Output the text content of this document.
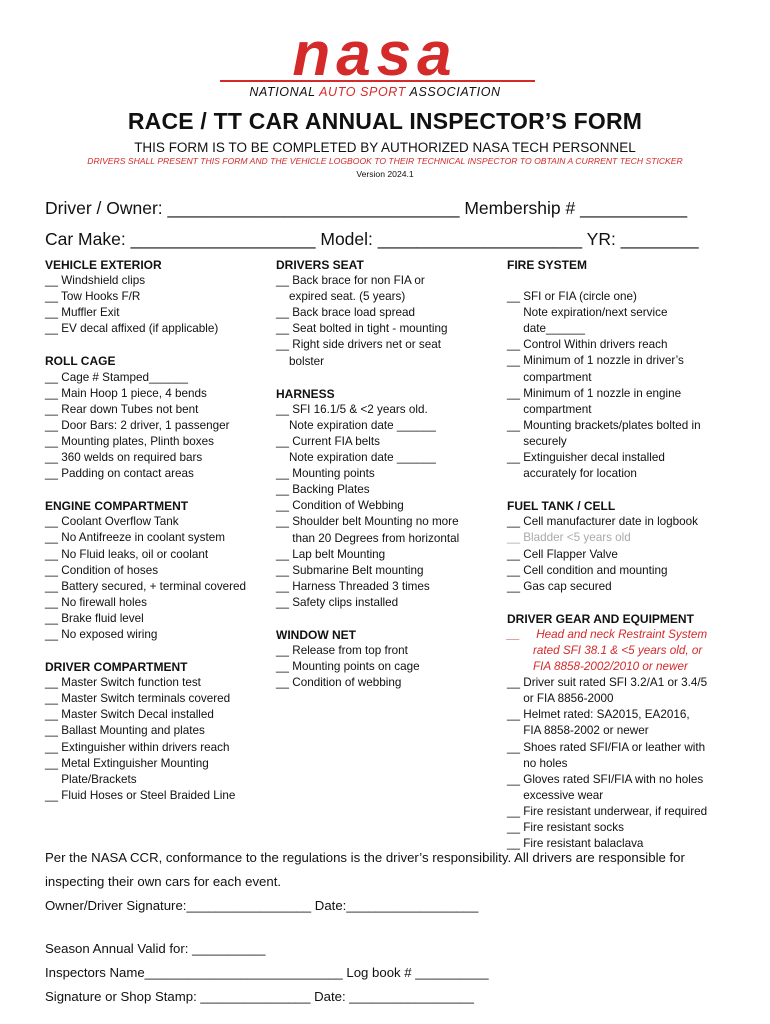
nasa
NATIONAL AUTO SPORT ASSOCIATION
RACE / TT CAR ANNUAL INSPECTOR’S FORM
THIS FORM IS TO BE COMPLETED BY AUTHORIZED NASA TECH PERSONNEL
DRIVERS SHALL PRESENT THIS FORM AND THE VEHICLE LOGBOOK TO THEIR TECHNICAL INSPECTOR TO OBTAIN A CURRENT TECH STICKER
Version 2024.1
Driver / Owner: ______________________________ Membership # ___________
Car Make: ___________________ Model: _____________________ YR: ________
VEHICLE EXTERIOR
__ Windshield clips
__ Tow Hooks F/R
__ Muffler Exit
__ EV decal affixed (if applicable)
ROLL CAGE
__ Cage # Stamped______
__ Main Hoop 1 piece, 4 bends
__ Rear down Tubes not bent
__ Door Bars: 2 driver, 1 passenger
__ Mounting plates, Plinth boxes
__ 360 welds on required bars
__ Padding on contact areas
ENGINE COMPARTMENT
__ Coolant Overflow Tank
__ No Antifreeze in coolant system
__ No Fluid leaks, oil or coolant
__ Condition of hoses
__ Battery secured, + terminal covered
__ No firewall holes
__ Brake fluid level
__ No exposed wiring
DRIVER COMPARTMENT
__ Master Switch function test
__ Master Switch terminals covered
__ Master Switch Decal installed
__ Ballast Mounting and plates
__ Extinguisher within drivers reach
__ Metal Extinguisher Mounting
Plate/Brackets
__ Fluid Hoses or Steel Braided Line
DRIVERS SEAT
__ Back brace for non FIA or
expired seat. (5 years)
__ Back brace load spread
__ Seat bolted in tight - mounting
__ Right side drivers net or seat
bolster
HARNESS
__ SFI 16.1/5 & <2 years old.
Note expiration date ______
__ Current FIA belts
Note expiration date ______
__ Mounting points
__ Backing Plates
__ Condition of Webbing
__ Shoulder belt Mounting no more
than 20 Degrees from horizontal
__ Lap belt Mounting
__ Submarine Belt mounting
__ Harness Threaded 3 times
__ Safety clips installed
WINDOW NET
__ Release from top front
__ Mounting points on cage
__ Condition of webbing
FIRE SYSTEM
__ SFI or FIA (circle one)
Note expiration/next service
date______
__ Control Within drivers reach
__ Minimum of 1 nozzle in driver’s
compartment
__ Minimum of 1 nozzle in engine
compartment
__ Mounting brackets/plates bolted in
securely
__ Extinguisher decal installed
accurately for location
FUEL TANK / CELL
__ Cell manufacturer date in logbook
__ Bladder <5 years old
__ Cell Flapper Valve
__ Cell condition and mounting
__ Gas cap secured
DRIVER GEAR AND EQUIPMENT
__     Head and neck Restraint System
rated SFI 38.1 & <5 years old, or
FIA 8858-2002/2010 or newer
__ Driver suit rated SFI 3.2/A1 or 3.4/5
or FIA 8856-2000
__ Helmet rated: SA2015, EA2016,
FIA 8858-2002 or newer
__ Shoes rated SFI/FIA or leather with
no holes
__ Gloves rated SFI/FIA with no holes
excessive wear
__ Fire resistant underwear, if required
__ Fire resistant socks
__ Fire resistant balaclava
Per the NASA CCR, conformance to the regulations is the driver’s responsibility. All drivers are responsible for
inspecting their own cars for each event.
Owner/Driver Signature:_________________ Date:__________________
Season Annual Valid for: __________
Inspectors Name___________________________ Log book # __________
Signature or Shop Stamp: _______________ Date: _________________
